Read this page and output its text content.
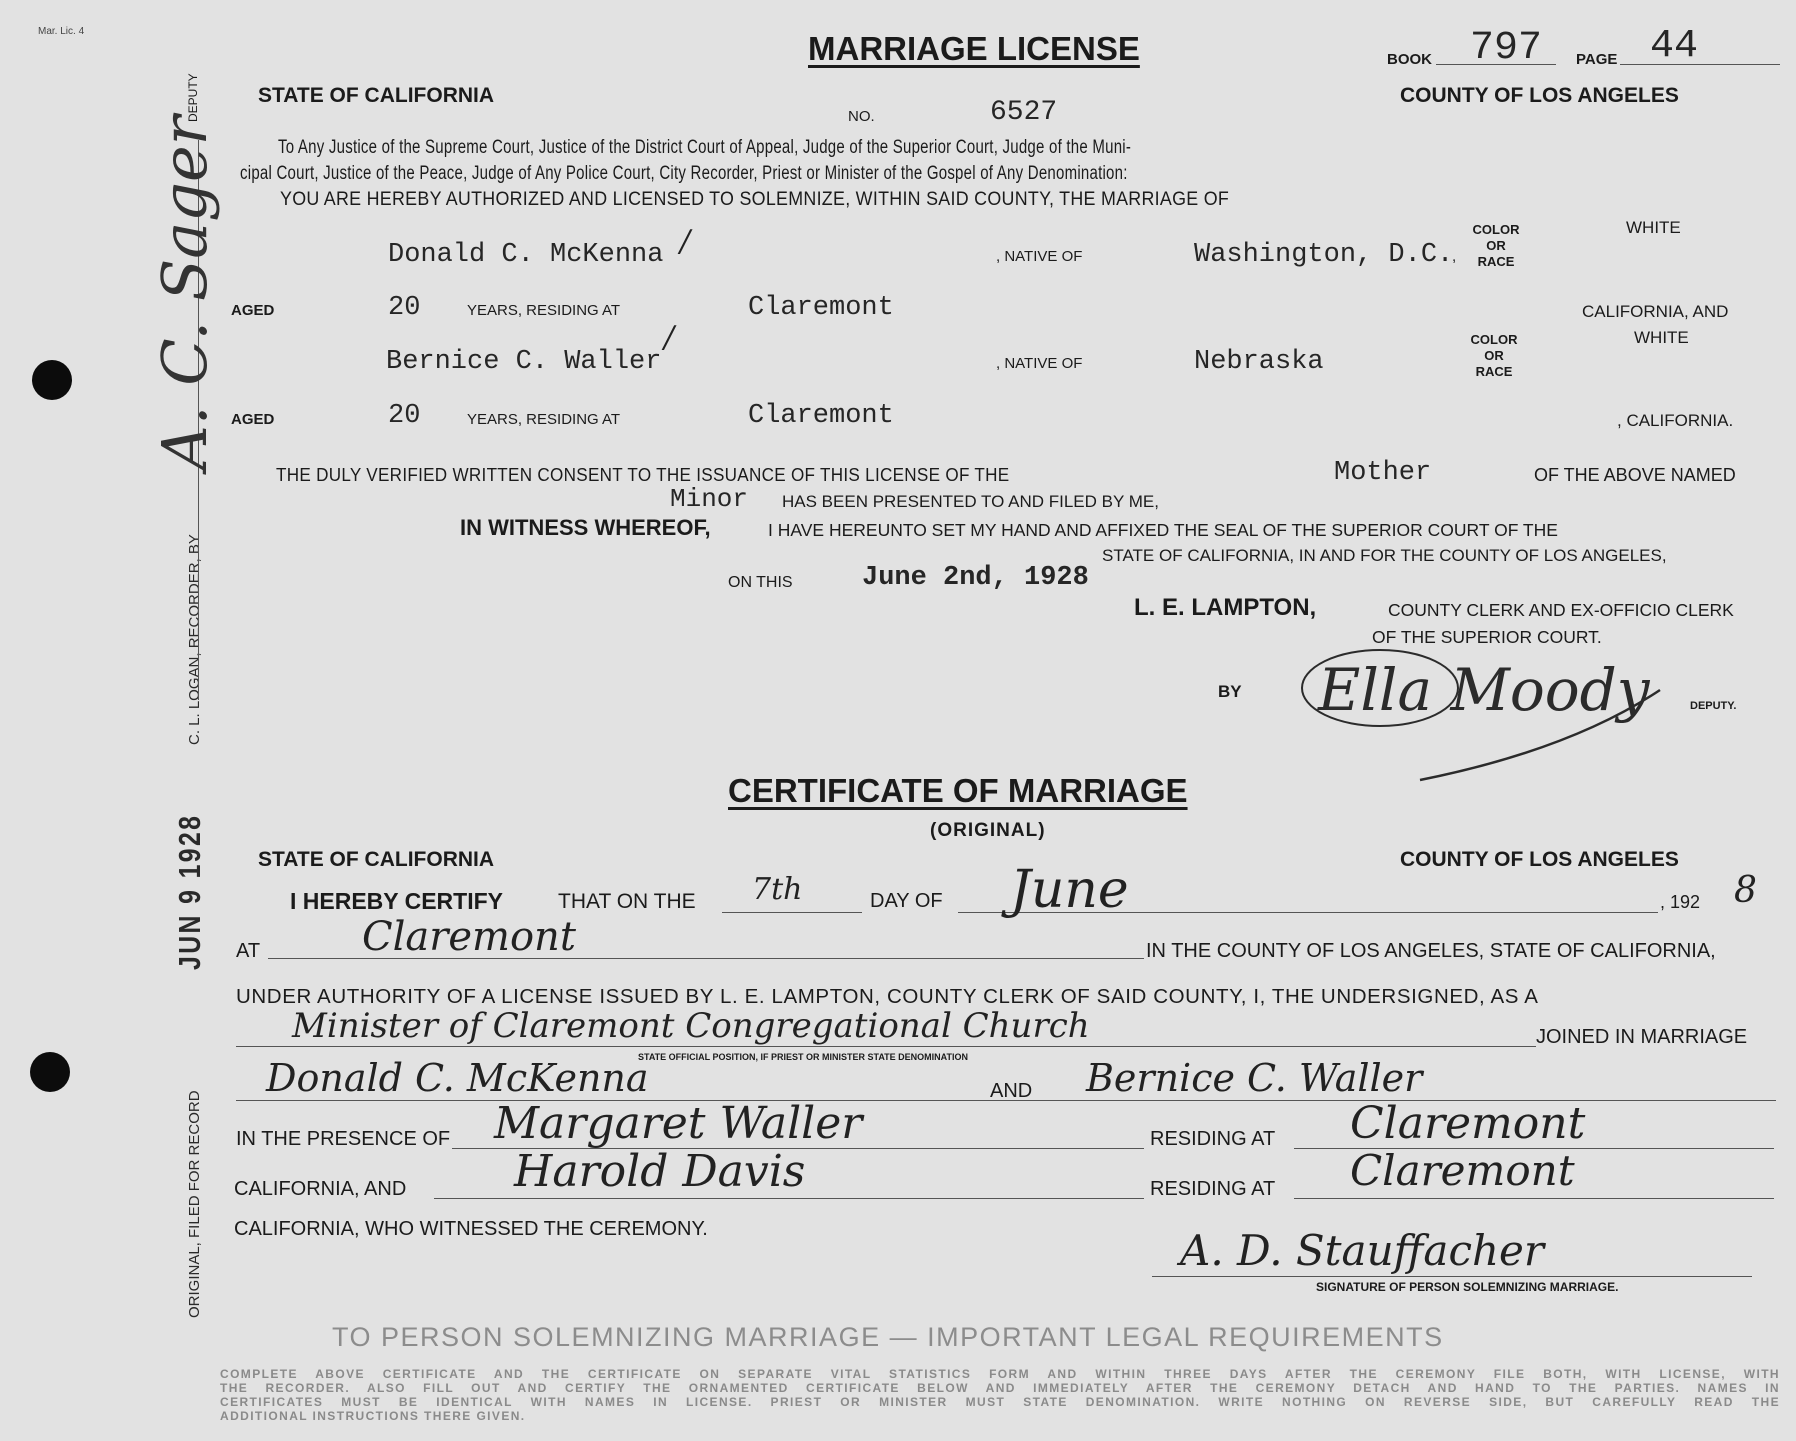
ORIGINAL, FILED FOR RECORD
C. L. LOGAN, RECORDER, BY
DEPUTY
JUN 9 1928
A. C. Sager
Mar. Lic. 4	MARRIAGE LICENSE	BOOK 797 PAGE 44
STATE OF CALIFORNIA	COUNTY OF LOS ANGELES
NO.	6527
To Any Justice of the Supreme Court, Justice of the District Court of Appeal, Judge of the Superior Court, Judge of the Muni-
cipal Court, Justice of the Peace, Judge of Any Police Court, City Recorder, Priest or Minister of the Gospel of Any Denomination:
YOU ARE HEREBY AUTHORIZED AND LICENSED TO SOLEMNIZE, WITHIN SAID COUNTY, THE MARRIAGE OF
Donald C. McKenna /	, NATIVE OF	Washington, D.C.
,
COLOR
OR
RACE
WHITE
AGED	20	YEARS, RESIDING AT	Claremont	CALIFORNIA, AND
Bernice C. Waller
/
, NATIVE OF	Nebraska
COLOR
OR
RACE
WHITE
AGED	20	YEARS, RESIDING AT	Claremont	, CALIFORNIA.
THE DULY VERIFIED WRITTEN CONSENT TO THE ISSUANCE OF THIS LICENSE OF THE	Mother	OF THE ABOVE NAMED
Minor HAS BEEN PRESENTED TO AND FILED BY ME,
IN WITNESS WHEREOF,	I HAVE HEREUNTO SET MY HAND AND AFFIXED THE SEAL OF THE SUPERIOR COURT OF THE
STATE OF CALIFORNIA, IN AND FOR THE COUNTY OF LOS ANGELES,
ON THIS	June 2nd, 1928
L. E. LAMPTON,	COUNTY CLERK AND EX-OFFICIO CLERK
OF THE SUPERIOR COURT.
BY Ella Moody	DEPUTY.
CERTIFICATE OF MARRIAGE
(ORIGINAL)
STATE OF CALIFORNIA	COUNTY OF LOS ANGELES
I HEREBY CERTIFY	THAT ON THE 7th	DAY OF June	, 192 8
AT	Claremont	IN THE COUNTY OF LOS ANGELES, STATE OF CALIFORNIA,
UNDER AUTHORITY OF A LICENSE ISSUED BY L. E. LAMPTON, COUNTY CLERK OF SAID COUNTY, I, THE UNDERSIGNED, AS A
Minister of Claremont Congregational Church
STATE OFFICIAL POSITION, IF PRIEST OR MINISTER STATE DENOMINATION
JOINED IN MARRIAGE
Donald C. McKenna	AND Bernice C. Waller
IN THE PRESENCE OF Margaret Waller	RESIDING AT Claremont
CALIFORNIA, AND Harold Davis	RESIDING AT Claremont
CALIFORNIA, WHO WITNESSED THE CEREMONY.	A. D. Stauffacher
SIGNATURE OF PERSON SOLEMNIZING MARRIAGE.
TO PERSON SOLEMNIZING MARRIAGE — IMPORTANT LEGAL REQUIREMENTS
COMPLETE ABOVE CERTIFICATE AND THE CERTIFICATE ON SEPARATE VITAL STATISTICS FORM AND WITHIN THREE DAYS AFTER THE CEREMONY FILE BOTH, WITH LICENSE, WITH
THE RECORDER. ALSO FILL OUT AND CERTIFY THE ORNAMENTED CERTIFICATE BELOW AND IMMEDIATELY AFTER THE CEREMONY DETACH AND HAND TO THE PARTIES. NAMES IN
CERTIFICATES MUST BE IDENTICAL WITH NAMES IN LICENSE. PRIEST OR MINISTER MUST STATE DENOMINATION. WRITE NOTHING ON REVERSE SIDE, BUT CAREFULLY READ THE
ADDITIONAL INSTRUCTIONS THERE GIVEN.
